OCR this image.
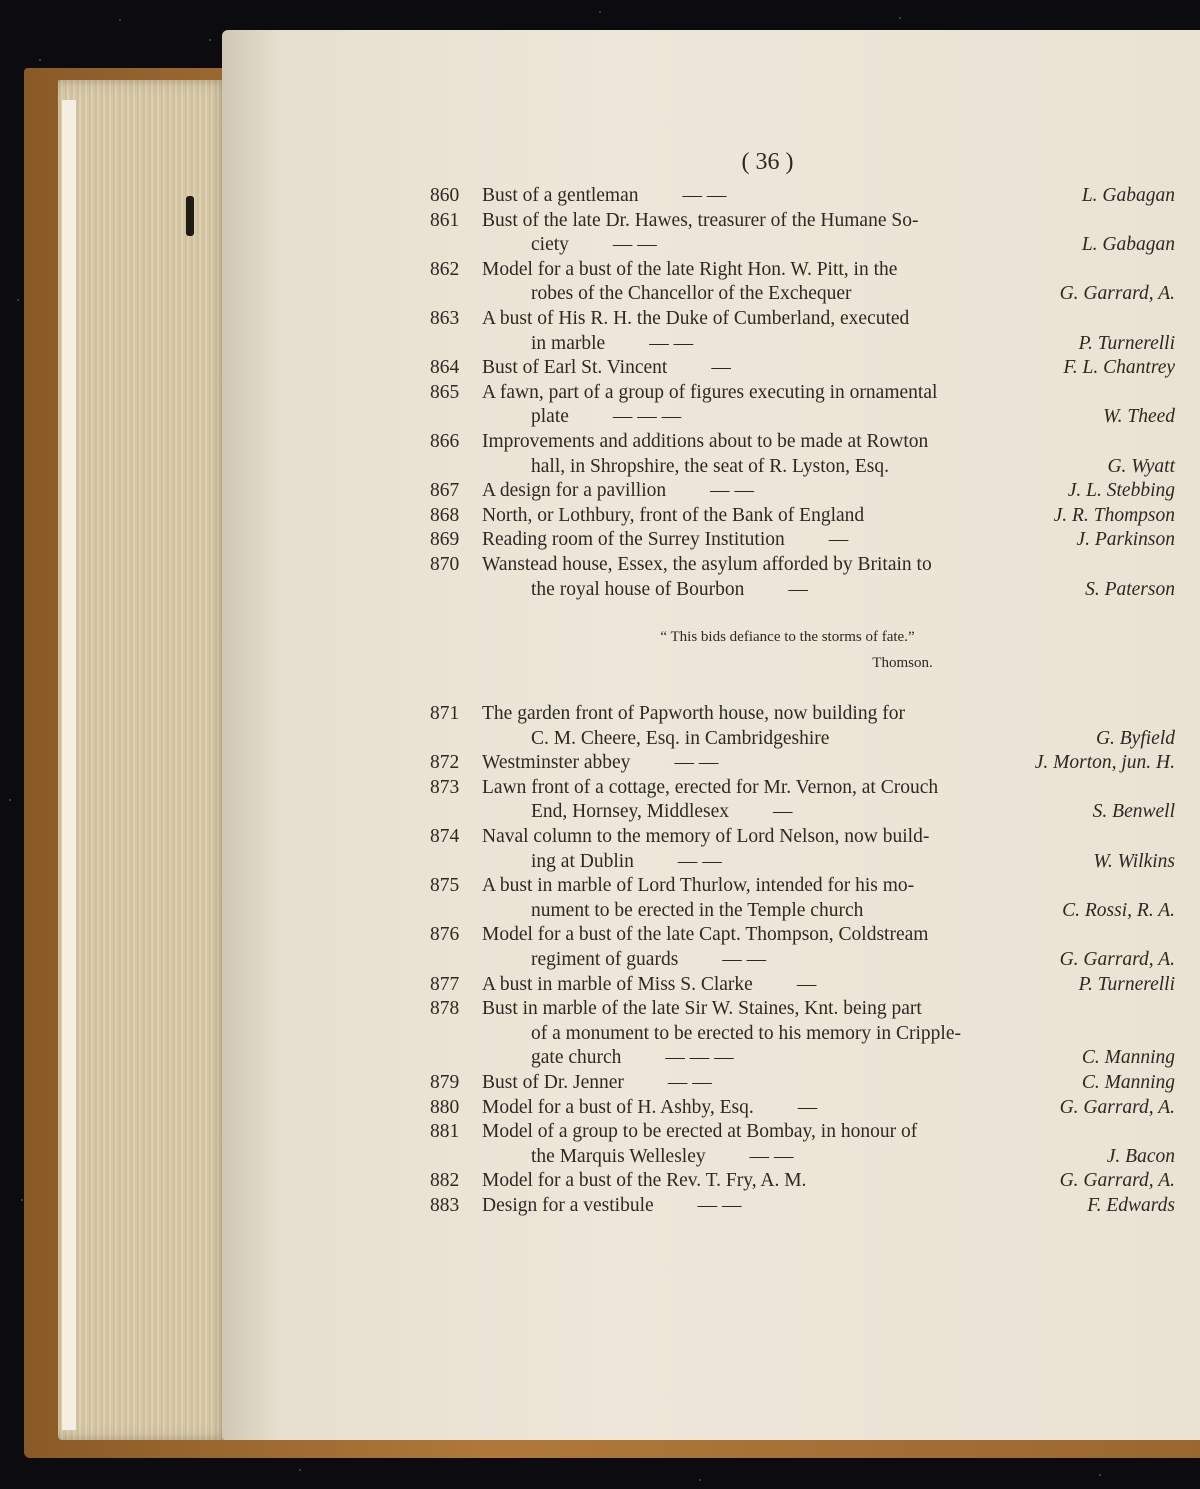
( 36 )
860	Bust of a gentleman — —	L. Gabagan
861	Bust of the late Dr. Hawes, treasurer of the Humane So-
ciety — —	L. Gabagan
862	Model for a bust of the late Right Hon. W. Pitt, in the
robes of the Chancellor of the Exchequer	G. Garrard, A.
863	A bust of His R. H. the Duke of Cumberland, executed
in marble — —	P. Turnerelli
864	Bust of Earl St. Vincent —	F. L. Chantrey
865	A fawn, part of a group of figures executing in ornamental
plate — — —	W. Theed
866	Improvements and additions about to be made at Rowton
hall, in Shropshire, the seat of R. Lyston, Esq.	G. Wyatt
867	A design for a pavillion — —	J. L. Stebbing
868	North, or Lothbury, front of the Bank of England	J. R. Thompson
869	Reading room of the Surrey Institution —	J. Parkinson
870	Wanstead house, Essex, the asylum afforded by Britain to
the royal house of Bourbon —	S. Paterson
“ This bids defiance to the storms of fate.”
Thomson.
871	The garden front of Papworth house, now building for
C. M. Cheere, Esq. in Cambridgeshire	G. Byfield
872	Westminster abbey — —	J. Morton, jun. H.
873	Lawn front of a cottage, erected for Mr. Vernon, at Crouch
End, Hornsey, Middlesex —	S. Benwell
874	Naval column to the memory of Lord Nelson, now build-
ing at Dublin — —	W. Wilkins
875	A bust in marble of Lord Thurlow, intended for his mo-
nument to be erected in the Temple church	C. Rossi, R. A.
876	Model for a bust of the late Capt. Thompson, Coldstream
regiment of guards — —	G. Garrard, A.
877	A bust in marble of Miss S. Clarke —	P. Turnerelli
878	Bust in marble of the late Sir W. Staines, Knt. being part
of a monument to be erected to his memory in Cripple-
gate church — — —	C. Manning
879	Bust of Dr. Jenner — —	C. Manning
880	Model for a bust of H. Ashby, Esq. —	G. Garrard, A.
881	Model of a group to be erected at Bombay, in honour of
the Marquis Wellesley — —	J. Bacon
882	Model for a bust of the Rev. T. Fry, A. M.	G. Garrard, A.
883	Design for a vestibule — —	F. Edwards
